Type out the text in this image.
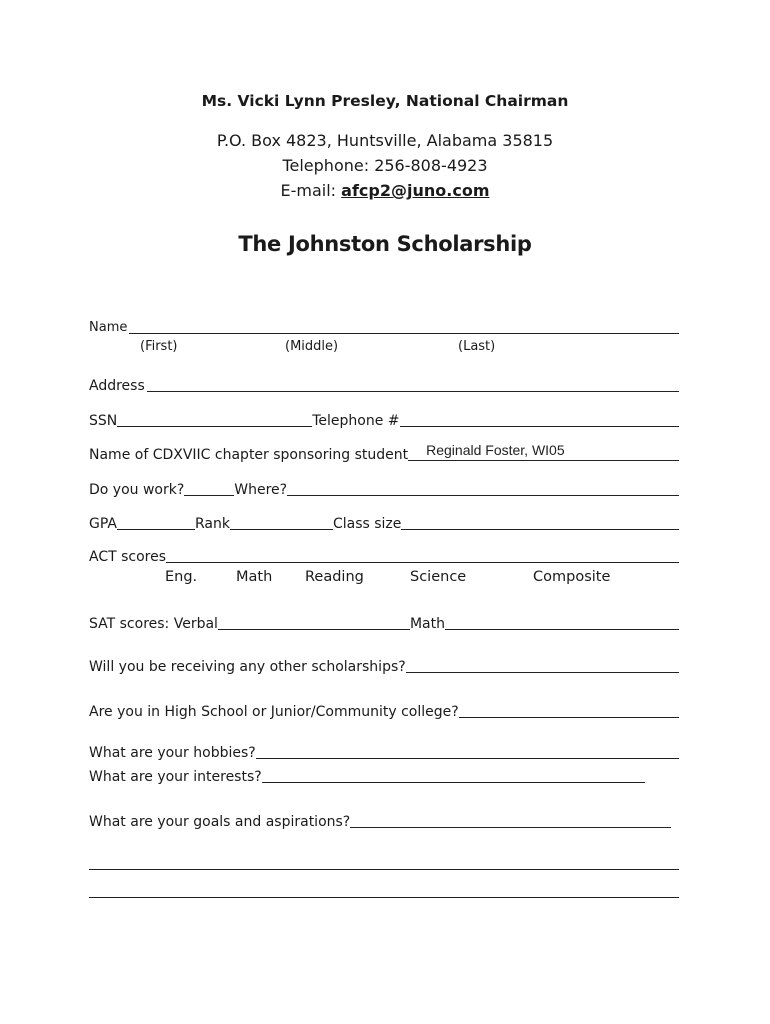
Ms. Vicki Lynn Presley, National Chairman
P.O. Box 4823, Huntsville, Alabama 35815
Telephone: 256-808-4923
E-mail: afcp2@juno.com
The Johnston Scholarship
Name
(First)	(Middle)	(Last)
Address
SSN	Telephone #
Name of CDXVIIC chapter sponsoring student Reginald Foster, WI05
Do you work?	Where?
GPA	Rank	Class size
ACT scores
Eng.	Math Reading	Science	Composite
SAT scores: Verbal	Math
Will you be receiving any other scholarships?
Are you in High School or Junior/Community college?
What are your hobbies?
What are your interests?
What are your goals and aspirations?
